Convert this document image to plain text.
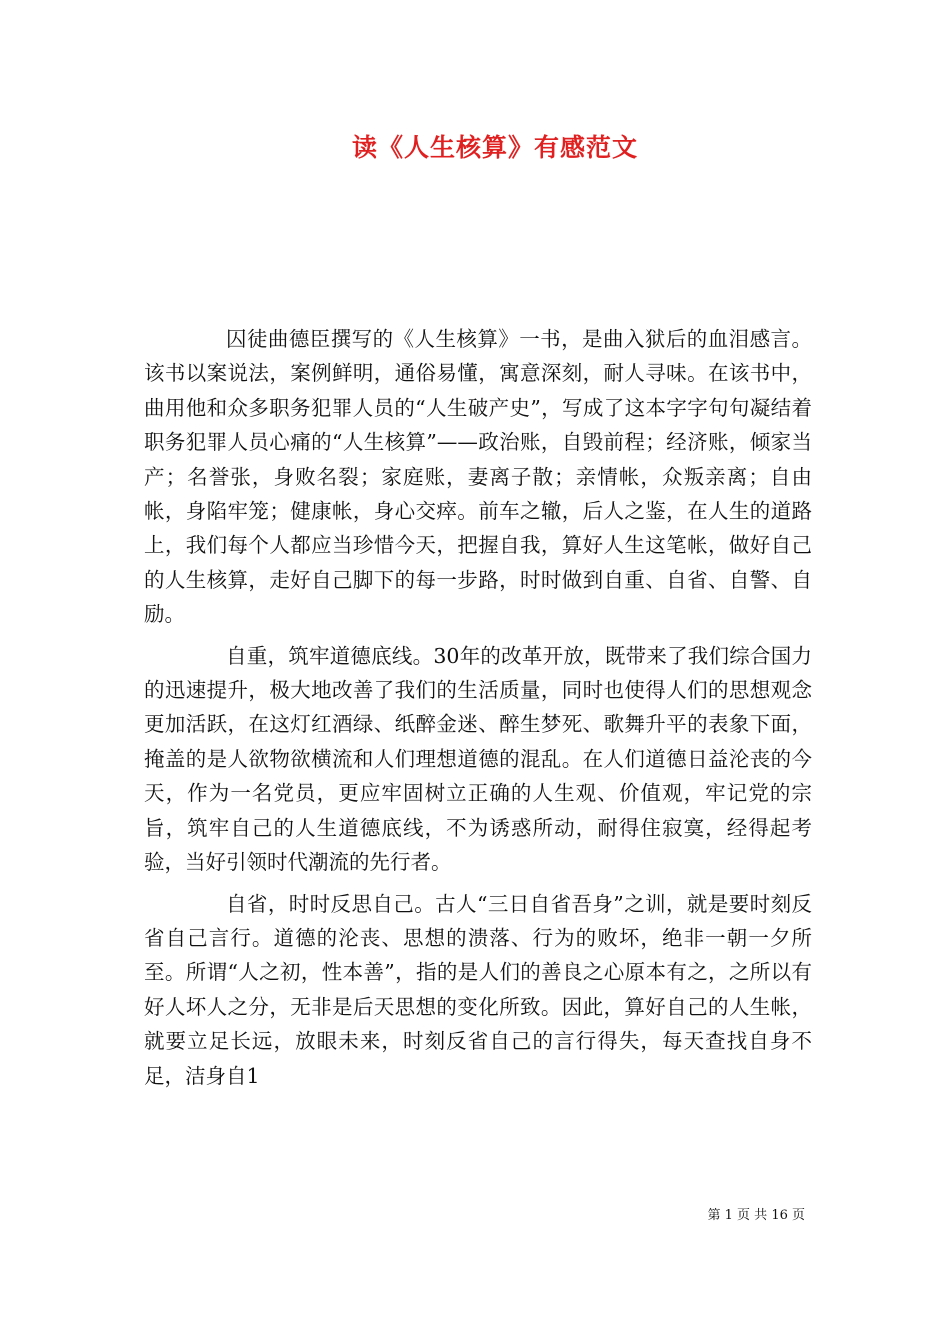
读《人生核算》有感范文

囚徒曲德臣撰写的《人生核算》一书，是曲入狱后的血泪感言。该书以案说法，案例鲜明，通俗易懂，寓意深刻，耐人寻味。在该书中，曲用他和众多职务犯罪人员的“人生破产史”，写成了这本字字句句凝结着职务犯罪人员心痛的“人生核算”——政治账，自毁前程；经济账，倾家当产；名誉张，身败名裂；家庭账，妻离子散；亲情帐，众叛亲离；自由帐，身陷牢笼；健康帐，身心交瘁。前车之辙，后人之鉴，在人生的道路上，我们每个人都应当珍惜今天，把握自我，算好人生这笔帐，做好自己的人生核算，走好自己脚下的每一步路，时时做到自重、自省、自警、自励。

自重，筑牢道德底线。30年的改革开放，既带来了我们综合国力的迅速提升，极大地改善了我们的生活质量，同时也使得人们的思想观念更加活跃，在这灯红酒绿、纸醉金迷、醉生梦死、歌舞升平的表象下面，掩盖的是人欲物欲横流和人们理想道德的混乱。在人们道德日益沦丧的今天，作为一名党员，更应牢固树立正确的人生观、价值观，牢记党的宗旨，筑牢自己的人生道德底线，不为诱惑所动，耐得住寂寞，经得起考验，当好引领时代潮流的先行者。

自省，时时反思自己。古人“三日自省吾身”之训，就是要时刻反省自己言行。道德的沦丧、思想的溃落、行为的败坏，绝非一朝一夕所至。所谓“人之初，性本善”，指的是人们的善良之心原本有之，之所以有好人坏人之分，无非是后天思想的变化所致。因此，算好自己的人生帐，就要立足长远，放眼未来，时刻反省自己的言行得失，每天查找自身不足，洁身自1

第 1 页 共 16 页
